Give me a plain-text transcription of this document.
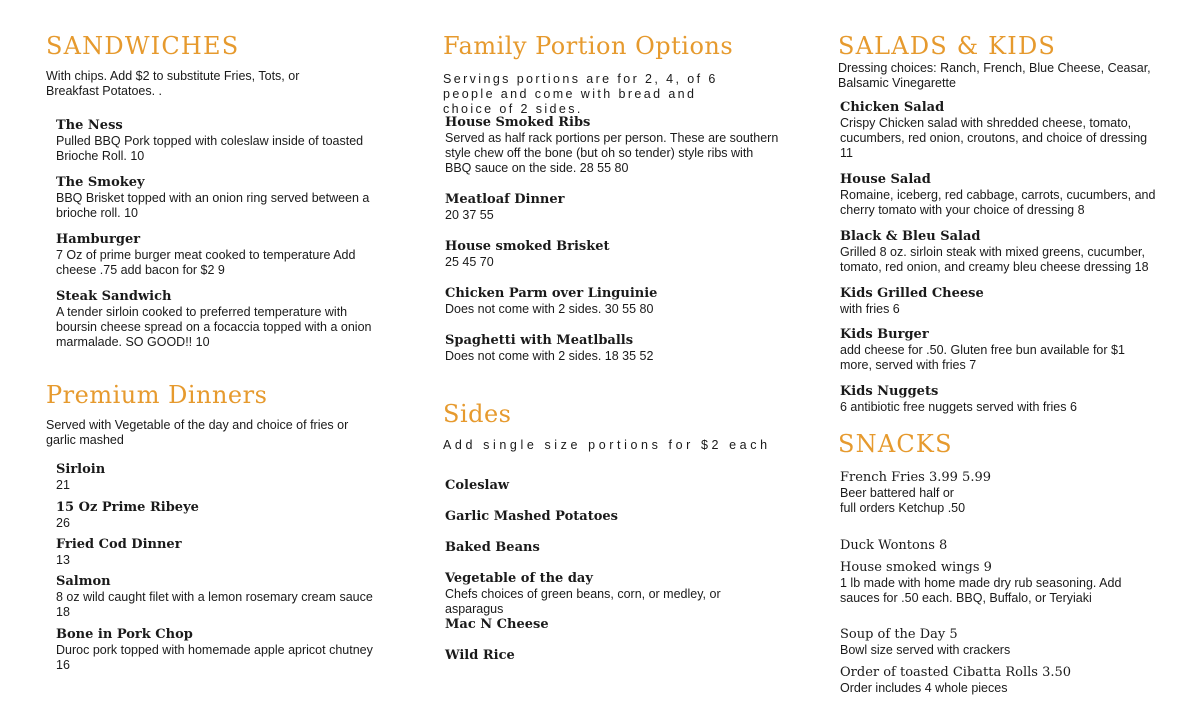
SANDWICHES
With chips. Add $2 to substitute Fries, Tots, or Breakfast Potatoes. .
The Ness
Pulled BBQ Pork topped with coleslaw inside of toasted Brioche Roll. 10
The Smokey
BBQ Brisket topped with an onion ring served between a brioche roll. 10
Hamburger
7 Oz of prime burger meat cooked to temperature Add cheese .75 add bacon for $2 9
Steak Sandwich
A tender sirloin cooked to preferred temperature with boursin cheese spread on a focaccia topped with a onion marmalade. SO GOOD!! 10
Premium Dinners
Served with Vegetable of the day and choice of fries or garlic mashed
Sirloin
21
15 Oz Prime Ribeye
26
Fried Cod Dinner
13
Salmon
8 oz wild caught filet with a lemon rosemary cream sauce 18
Bone in Pork Chop
Duroc pork topped with homemade apple apricot chutney 16
Family Portion Options
Servings portions are for 2, 4, of 6 people and come with bread and choice of 2 sides.
House Smoked Ribs
Served as half rack portions per person. These are southern style chew off the bone (but oh so tender) style ribs with BBQ sauce on the side. 28 55 80
Meatloaf Dinner
20 37 55
House smoked Brisket
25 45 70
Chicken Parm over Linguinie
Does not come with 2 sides. 30 55 80
Spaghetti with Meatlballs
Does not come with 2 sides. 18 35 52
Sides
Add single size portions for $2 each
Coleslaw
Garlic Mashed Potatoes
Baked Beans
Vegetable of the day
Chefs choices of green beans, corn, or medley, or asparagus
Mac N Cheese
Wild Rice
SALADS & KIDS
Dressing choices: Ranch, French, Blue Cheese, Ceasar, Balsamic Vinegarette
Chicken Salad
Crispy Chicken salad with shredded cheese, tomato, cucumbers, red onion, croutons, and choice of dressing 11
House Salad
Romaine, iceberg, red cabbage, carrots, cucumbers, and cherry tomato with your choice of dressing 8
Black & Bleu Salad
Grilled 8 oz. sirloin steak with mixed greens, cucumber, tomato, red onion, and creamy bleu cheese dressing 18
Kids Grilled Cheese
with fries 6
Kids Burger
add cheese for .50. Gluten free bun available for $1 more, served with fries 7
Kids Nuggets
6 antibiotic free nuggets served with fries 6
SNACKS
French Fries 3.99 5.99
Beer battered half or full orders Ketchup .50
Duck Wontons 8
House smoked wings 9
1 lb made with home made dry rub seasoning. Add sauces for .50 each. BBQ, Buffalo, or Teryiaki
Soup of the Day 5
Bowl size served with crackers
Order of toasted Cibatta Rolls 3.50
Order includes 4 whole pieces
